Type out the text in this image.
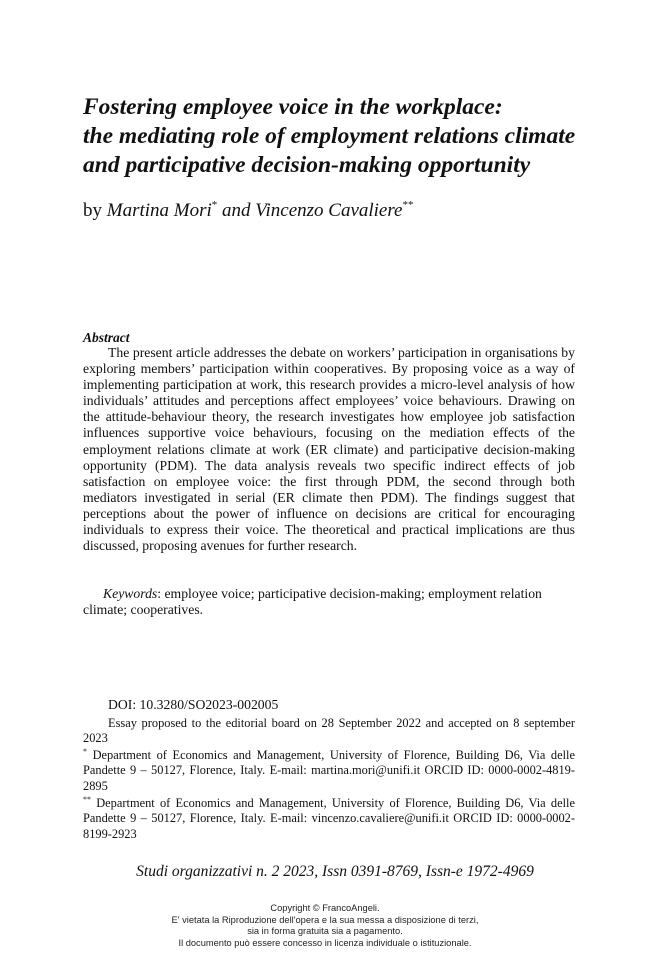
Fostering employee voice in the workplace:
the mediating role of employment relations climate
and participative decision-making opportunity
by Martina Mori* and Vincenzo Cavaliere**
Abstract

The present article addresses the debate on workers’ participation in organisations by exploring members’ participation within cooperatives. By proposing voice as a way of implementing participation at work, this research provides a micro-level analysis of how individuals’ attitudes and perceptions affect employees’ voice behaviours. Drawing on the attitude-behaviour theory, the research investigates how employee job satisfaction influences supportive voice behaviours, focusing on the mediation effects of the employment relations climate at work (ER climate) and participative decision-making opportunity (PDM). The data analysis reveals two specific indirect effects of job satisfaction on employee voice: the first through PDM, the second through both mediators investigated in serial (ER climate then PDM). The findings suggest that perceptions about the power of influence on decisions are critical for encouraging individuals to express their voice. The theoretical and practical implications are thus discussed, proposing avenues for further research.

Keywords: employee voice; participative decision-making; employment relation climate; cooperatives.

DOI: 10.3280/SO2023-002005

Essay proposed to the editorial board on 28 September 2022 and accepted on 8 september 2023

* Department of Economics and Management, University of Florence, Building D6, Via delle Pandette 9 – 50127, Florence, Italy. E-mail: martina.mori@unifi.it ORCID ID: 0000-0002-4819-2895

** Department of Economics and Management, University of Florence, Building D6, Via delle Pandette 9 – 50127, Florence, Italy. E-mail: vincenzo.cavaliere@unifi.it ORCID ID: 0000-0002-8199-2923

Studi organizzativi n. 2 2023, Issn 0391-8769, Issn-e 1972-4969
Copyright © FrancoAngeli.
E' vietata la Riproduzione dell'opera e la sua messa a disposizione di terzi,
sia in forma gratuita sia a pagamento.
Il documento può essere concesso in licenza individuale o istituzionale.
